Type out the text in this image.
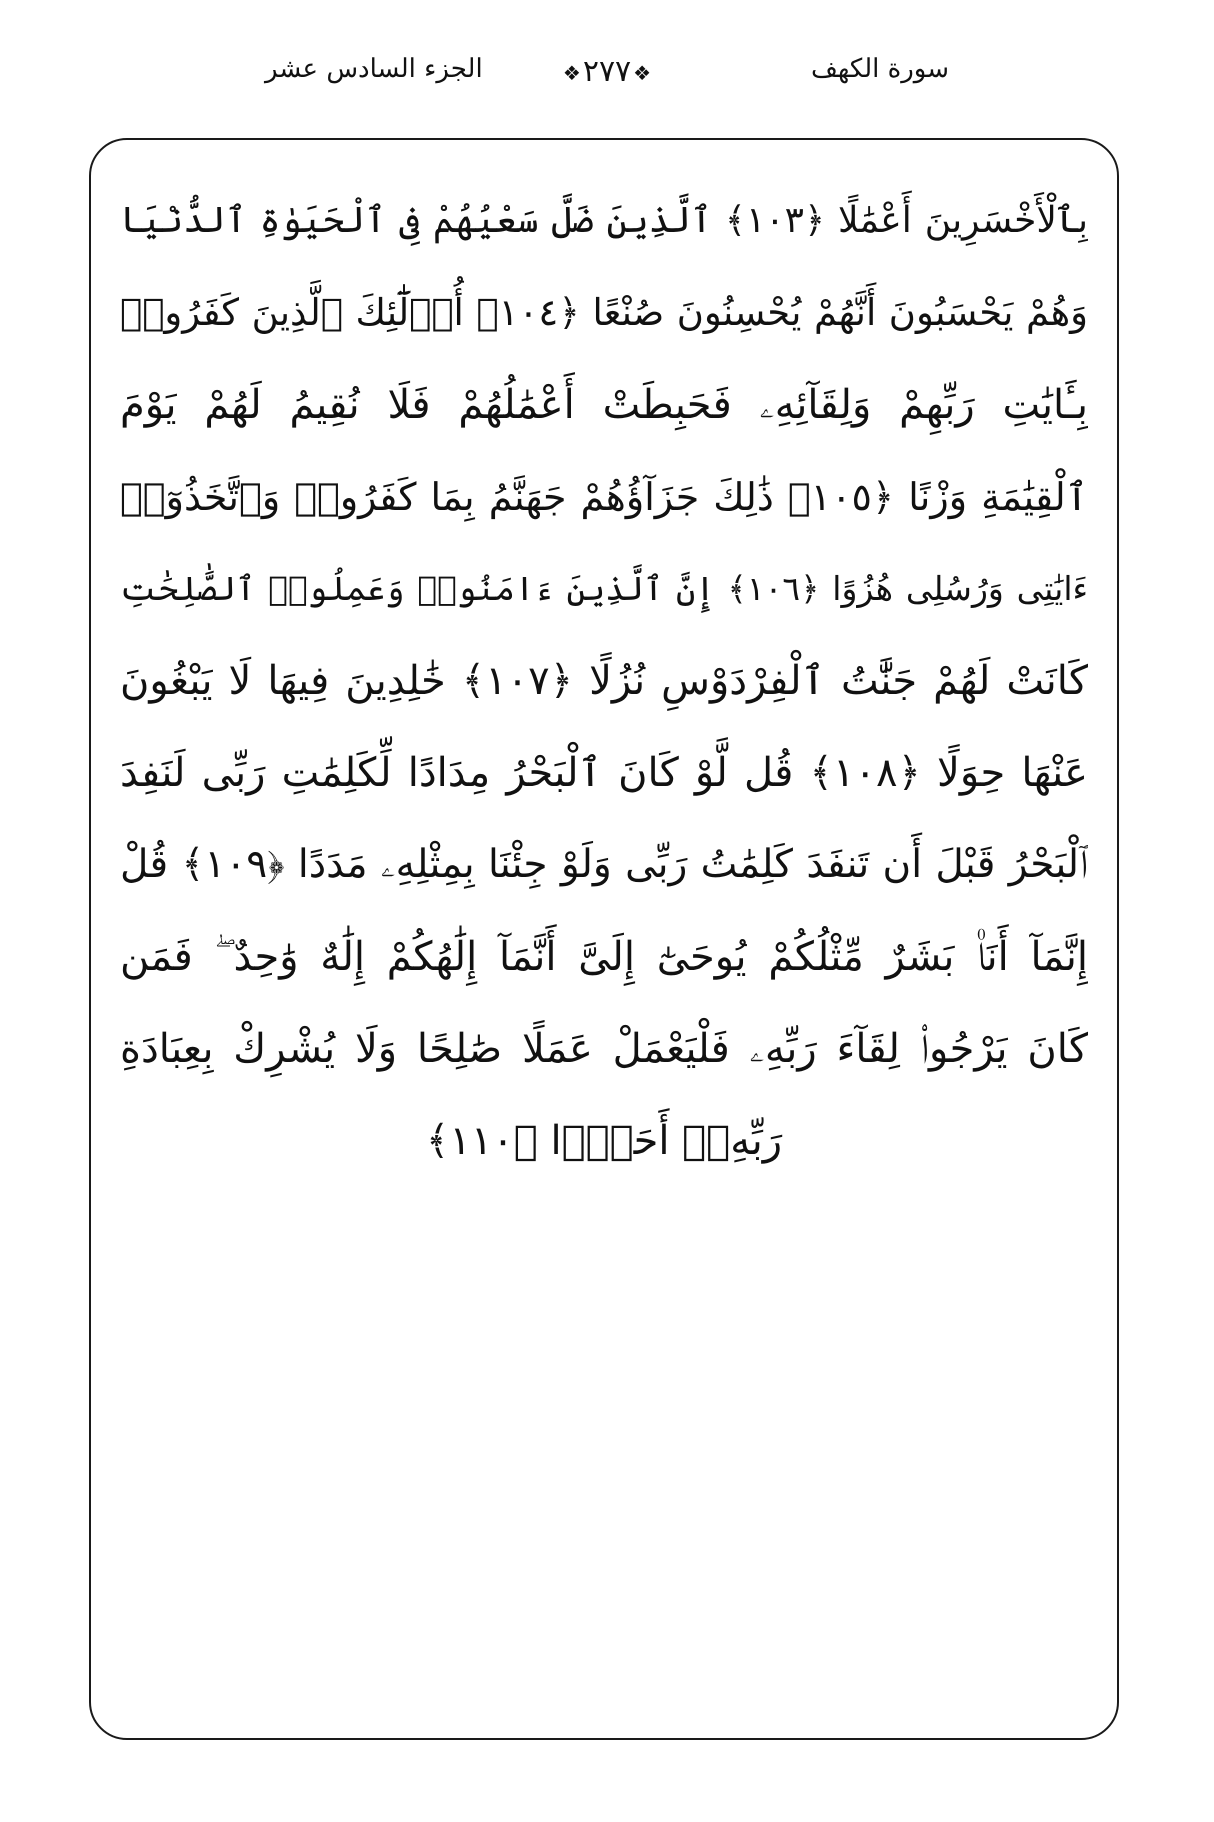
الجزء السادس عشر	❖٢٧٧❖	سورة الكهف
بِٱلْأَخْسَرِينَ أَعْمَٰلًا ﴿١٠٣﴾ ٱلَّذِينَ ضَلَّ سَعْيُهُمْ فِى ٱلْحَيَوٰةِ ٱلدُّنْيَا
وَهُمْ يَحْسَبُونَ أَنَّهُمْ يُحْسِنُونَ صُنْعًا ﴿١٠٤﴾ أُو۟لَٰٓئِكَ ٱلَّذِينَ كَفَرُوا۟
بِـَٔايَٰتِ رَبِّهِمْ وَلِقَآئِهِۦ فَحَبِطَتْ أَعْمَٰلُهُمْ فَلَا نُقِيمُ لَهُمْ يَوْمَ
ٱلْقِيَٰمَةِ وَزْنًا ﴿١٠٥﴾ ذَٰلِكَ جَزَآؤُهُمْ جَهَنَّمُ بِمَا كَفَرُوا۟ وَٱتَّخَذُوٓا۟
ءَايَٰتِى وَرُسُلِى هُزُوًا ﴿١٠٦﴾ إِنَّ ٱلَّذِينَ ءَامَنُوا۟ وَعَمِلُوا۟ ٱلصَّٰلِحَٰتِ
كَانَتْ لَهُمْ جَنَّٰتُ ٱلْفِرْدَوْسِ نُزُلًا ﴿١٠٧﴾ خَٰلِدِينَ فِيهَا لَا يَبْغُونَ
عَنْهَا حِوَلًا ﴿١٠٨﴾ قُل لَّوْ كَانَ ٱلْبَحْرُ مِدَادًا لِّكَلِمَٰتِ رَبِّى لَنَفِدَ
ٱلْبَحْرُ قَبْلَ أَن تَنفَدَ كَلِمَٰتُ رَبِّى وَلَوْ جِئْنَا بِمِثْلِهِۦ مَدَدًا ﴿١٠٩﴾ قُلْ
إِنَّمَآ أَنَا۠ بَشَرٌ مِّثْلُكُمْ يُوحَىٰٓ إِلَىَّ أَنَّمَآ إِلَٰهُكُمْ إِلَٰهٌ وَٰحِدٌ ۖ فَمَن
كَانَ يَرْجُوا۟ لِقَآءَ رَبِّهِۦ فَلْيَعْمَلْ عَمَلًا صَٰلِحًا وَلَا يُشْرِكْ بِعِبَادَةِ
رَبِّهِۦٓ أَحَدًۢا ﴿١١٠﴾
